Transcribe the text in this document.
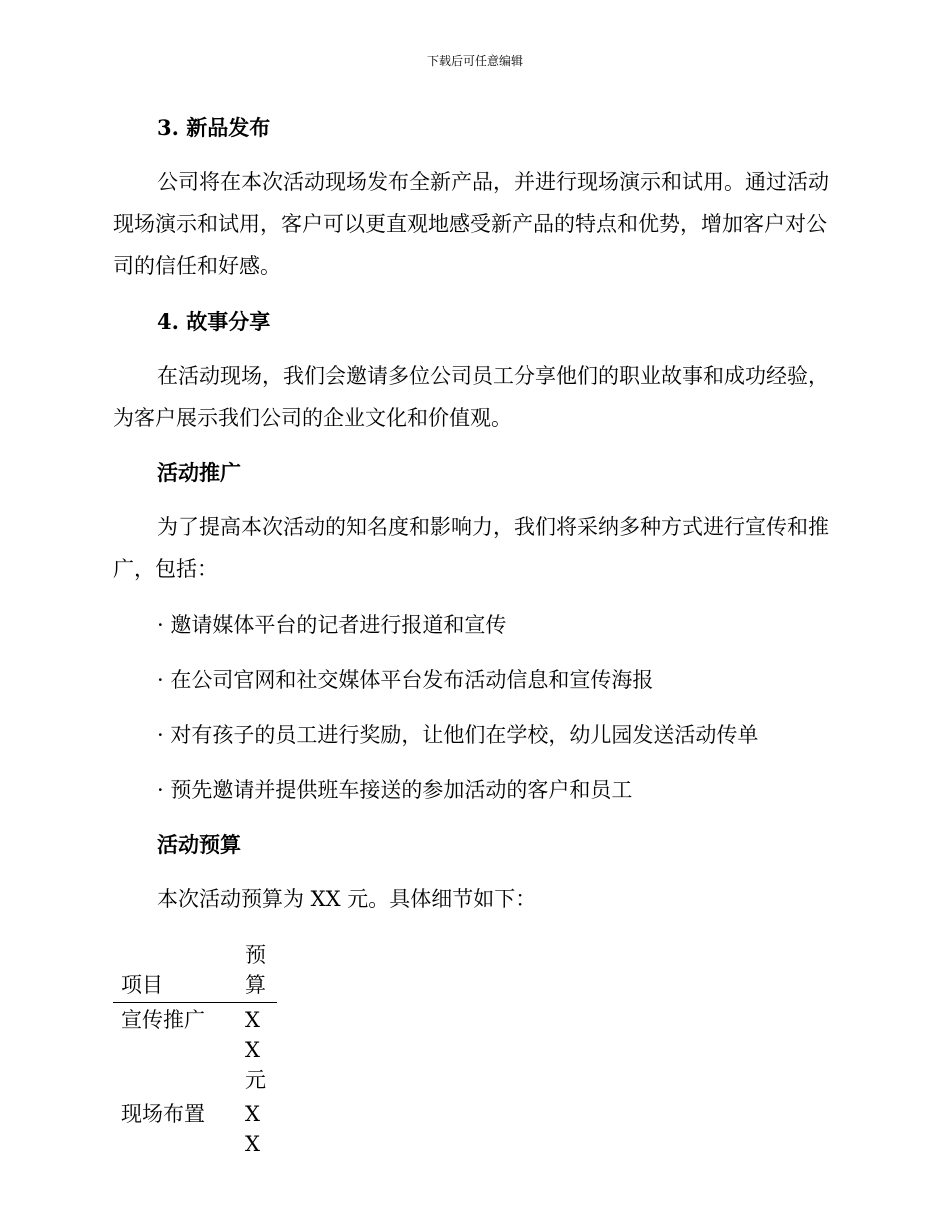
下载后可任意编辑
3. 新品发布
公司将在本次活动现场发布全新产品，并进行现场演示和试用。通过活动现场演示和试用，客户可以更直观地感受新产品的特点和优势，增加客户对公司的信任和好感。
4. 故事分享
在活动现场，我们会邀请多位公司员工分享他们的职业故事和成功经验，为客户展示我们公司的企业文化和价值观。
活动推广
为了提高本次活动的知名度和影响力，我们将采纳多种方式进行宣传和推广，包括：
· 邀请媒体平台的记者进行报道和宣传
· 在公司官网和社交媒体平台发布活动信息和宣传海报
· 对有孩子的员工进行奖励，让他们在学校，幼儿园发送活动传单
· 预先邀请并提供班车接送的参加活动的客户和员工
活动预算
本次活动预算为 XX 元。具体细节如下：
项目	预算
宣传推广	XX 元
现场布置	XX
